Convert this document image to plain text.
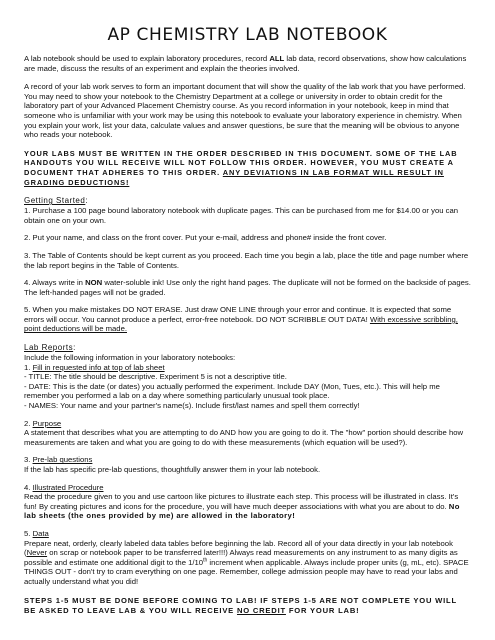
AP CHEMISTRY LAB NOTEBOOK

A lab notebook should be used to explain laboratory procedures, record ALL lab data, record observations, show how calculations are made, discuss the results of an experiment and explain the theories involved.

A record of your lab work serves to form an important document that will show the quality of the lab work that you have performed. You may need to show your notebook to the Chemistry Department at a college or university in order to obtain credit for the laboratory part of your Advanced Placement Chemistry course. As you record information in your notebook, keep in mind that someone who is unfamiliar with your work may be using this notebook to evaluate your laboratory experience in chemistry. When you explain your work, list your data, calculate values and answer questions, be sure that the meaning will be obvious to anyone who reads your notebook.

YOUR LABS MUST BE WRITTEN IN THE ORDER DESCRIBED IN THIS DOCUMENT. SOME OF THE LAB HANDOUTS YOU WILL RECEIVE WILL NOT FOLLOW THIS ORDER. HOWEVER, YOU MUST CREATE A DOCUMENT THAT ADHERES TO THIS ORDER. ANY DEVIATIONS IN LAB FORMAT WILL RESULT IN GRADING DEDUCTIONS!

Getting Started:

1. Purchase a 100 page bound laboratory notebook with duplicate pages. This can be purchased from me for $14.00 or you can obtain one on your own.

2. Put your name, and class on the front cover. Put your e-mail, address and phone# inside the front cover.

3. The Table of Contents should be kept current as you proceed. Each time you begin a lab, place the title and page number where the lab report begins in the Table of Contents.

4. Always write in NON water-soluble ink! Use only the right hand pages. The duplicate will not be formed on the backside of pages. The left-handed pages will not be graded.

5. When you make mistakes DO NOT ERASE. Just draw ONE LINE through your error and continue. It is expected that some errors will occur. You cannot produce a perfect, error-free notebook. DO NOT SCRIBBLE OUT DATA! With excessive scribbling, point deductions will be made.

Lab Reports:

Include the following information in your laboratory notebooks:

1. Fill in requested info at top of lab sheet

- TITLE: The title should be descriptive. Experiment 5 is not a descriptive title.

- DATE: This is the date (or dates) you actually performed the experiment. Include DAY (Mon, Tues, etc.). This will help me remember you performed a lab on a day where something particularly unusual took place.

- NAMES: Your name and your partner's name(s). Include first/last names and spell them correctly!

2. Purpose

A statement that describes what you are attempting to do AND how you are going to do it. The "how" portion should describe how measurements are taken and what you are going to do with these measurements (which equation will be used?).

3. Pre-lab questions

If the lab has specific pre-lab questions, thoughtfully answer them in your lab notebook.

4. Illustrated Procedure

Read the procedure given to you and use cartoon like pictures to illustrate each step. This process will be illustrated in class. It's fun! By creating pictures and icons for the procedure, you will have much deeper associations with what you are about to do. No lab sheets (the ones provided by me) are allowed in the laboratory!

5. Data

Prepare neat, orderly, clearly labeled data tables before beginning the lab. Record all of your data directly in your lab notebook (Never on scrap or notebook paper to be transferred later!!!) Always read measurements on any instrument to as many digits as possible and estimate one additional digit to the 1/10th increment when applicable. Always include proper units (g, mL, etc). SPACE THINGS OUT - don't try to cram everything on one page. Remember, college admission people may have to read your labs and actually understand what you did!

STEPS 1-5 MUST BE DONE BEFORE COMING TO LAB! IF STEPS 1-5 ARE NOT COMPLETE YOU WILL BE ASKED TO LEAVE LAB & YOU WILL RECEIVE NO CREDIT FOR YOUR LAB!
